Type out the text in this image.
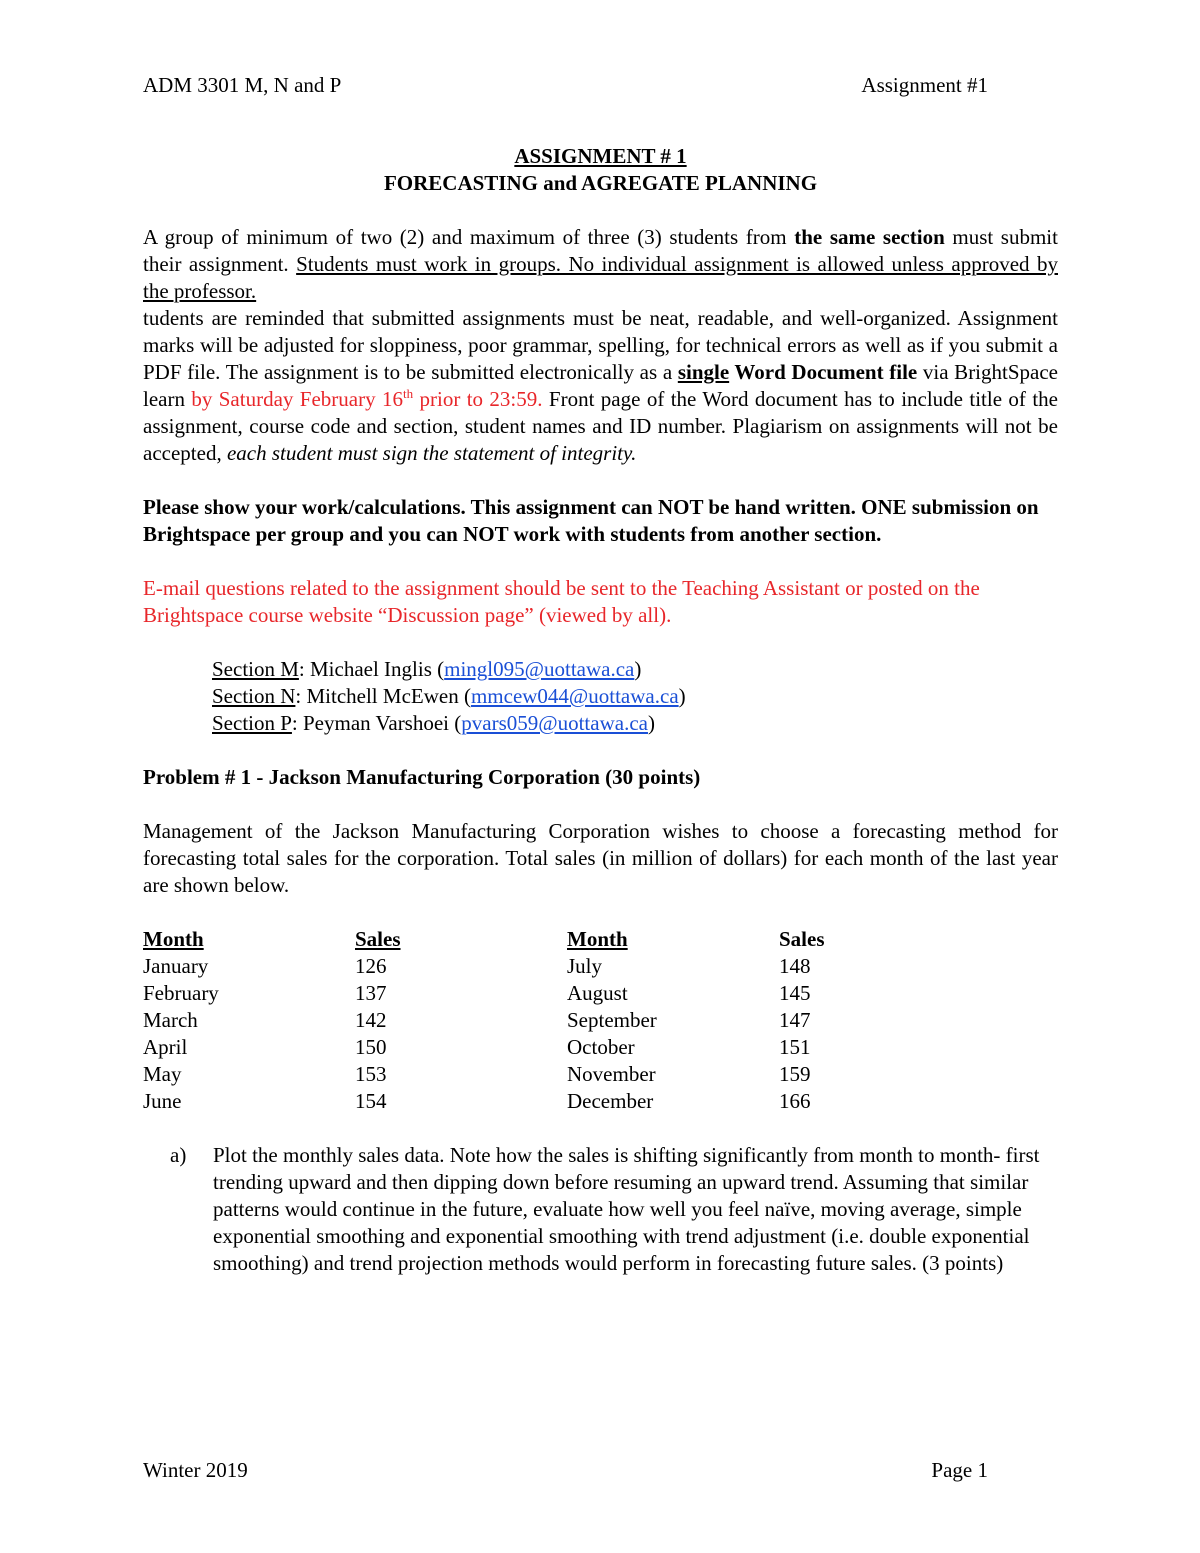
ADM 3301 M, N and P	Assignment #1
ASSIGNMENT # 1
FORECASTING and AGREGATE PLANNING
A group of minimum of two (2) and maximum of three (3) students from the same section must submit their assignment. Students must work in groups. No individual assignment is allowed unless approved by the professor.
tudents are reminded that submitted assignments must be neat, readable, and well-organized. Assignment marks will be adjusted for sloppiness, poor grammar, spelling, for technical errors as well as if you submit a PDF file. The assignment is to be submitted electronically as a single Word Document file via BrightSpace learn by Saturday February 16th prior to 23:59. Front page of the Word document has to include title of the assignment, course code and section, student names and ID number. Plagiarism on assignments will not be accepted, each student must sign the statement of integrity.
Please show your work/calculations. This assignment can NOT be hand written. ONE submission on Brightspace per group and you can NOT work with students from another section.
E-mail questions related to the assignment should be sent to the Teaching Assistant or posted on the Brightspace course website “Discussion page” (viewed by all).
Section M: Michael Inglis (mingl095@uottawa.ca)
Section N: Mitchell McEwen (mmcew044@uottawa.ca)
Section P: Peyman Varshoei (pvars059@uottawa.ca)
Problem # 1 - Jackson Manufacturing Corporation (30 points)
Management of the Jackson Manufacturing Corporation wishes to choose a forecasting method for forecasting total sales for the corporation. Total sales (in million of dollars) for each month of the last year are shown below.
Month	Sales	Month	Sales
January	126	July	148
February	137	August	145
March	142	September	147
April	150	October	151
May	153	November	159
June	154	December	166
a)	Plot the monthly sales data. Note how the sales is shifting significantly from month to month- first trending upward and then dipping down before resuming an upward trend. Assuming that similar patterns would continue in the future, evaluate how well you feel naïve, moving average, simple exponential smoothing and exponential smoothing with trend adjustment (i.e. double exponential smoothing) and trend projection methods would perform in forecasting future sales. (3 points)
Winter 2019	Page 1
